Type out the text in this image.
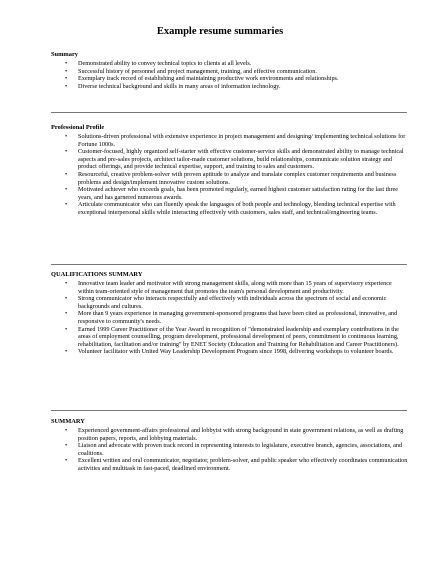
Example resume summaries
Summary
• Demonstrated ability to convey technical topics to clients at all levels.
• Successful history of personnel and project management, training, and effective communication.
• Exemplary track record of establishing and maintaining productive work environments and relationships.
• Diverse technical background and skills in many areas of information technology.
Professional Profile
• Solutions-driven professional with extensive experience in project management and designing/ implementing technical solutions for Fortune 1000s.
• Customer-focused, highly organized self-starter with effective customer-service skills and demonstrated ability to manage technical aspects and pre-sales projects, architect tailor-made customer solutions, build relationships, communicate solution strategy and product offerings, and provide technical expertise, support, and training to sales and customers.
• Resourceful, creative problem-solver with proven aptitude to analyze and translate complex customer requirements and business problems and design/implement innovative custom solutions.
• Motivated achiever who exceeds goals, has been promoted regularly, earned highest customer satisfaction rating for the last three years, and has garnered numerous awards.
• Articulate communicator who can fluently speak the languages of both people and technology, blending technical expertise with exceptional interpersonal skills while interacting effectively with customers, sales staff, and technical/engineering teams.
QUALIFICATIONS SUMMARY
• Innovative team leader and motivator with strong management skills, along with more than 15 years of supervisory experience within team-oriented style of management that promotes the team's personal development and productivity.
• Strong communicator who interacts respectfully and effectively with individuals across the spectrum of social and economic backgrounds and cultures.
• More than 9 years experience in managing government-sponsored programs that have been cited as professional, innovative, and responsive to community's needs.
• Earned 1999 Career Practitioner of the Year Award in recognition of "demonstrated leadership and exemplary contributions in the areas of employment counselling, program development, professional development of peers, commitment to continuous learning, rehabilitation, facilitation and/or training" by ENET Society (Education and Training for Rehabilitation and Career Practitioners).
• Volunteer facilitator with United Way Leadership Development Program since 1998, delivering workshops to volunteer boards.
SUMMARY
• Experienced government-affairs professional and lobbyist with strong background in state government relations, as well as drafting position papers, reports, and lobbying materials.
• Liaison and advocate with proven track record in representing interests to legislature, executive branch, agencies, associations, and coalitions.
• Excellent written and oral communicator, negotiator, problem-solver, and public speaker who effectively coordinates communication activities and multitask in fast-paced, deadlined environment.
